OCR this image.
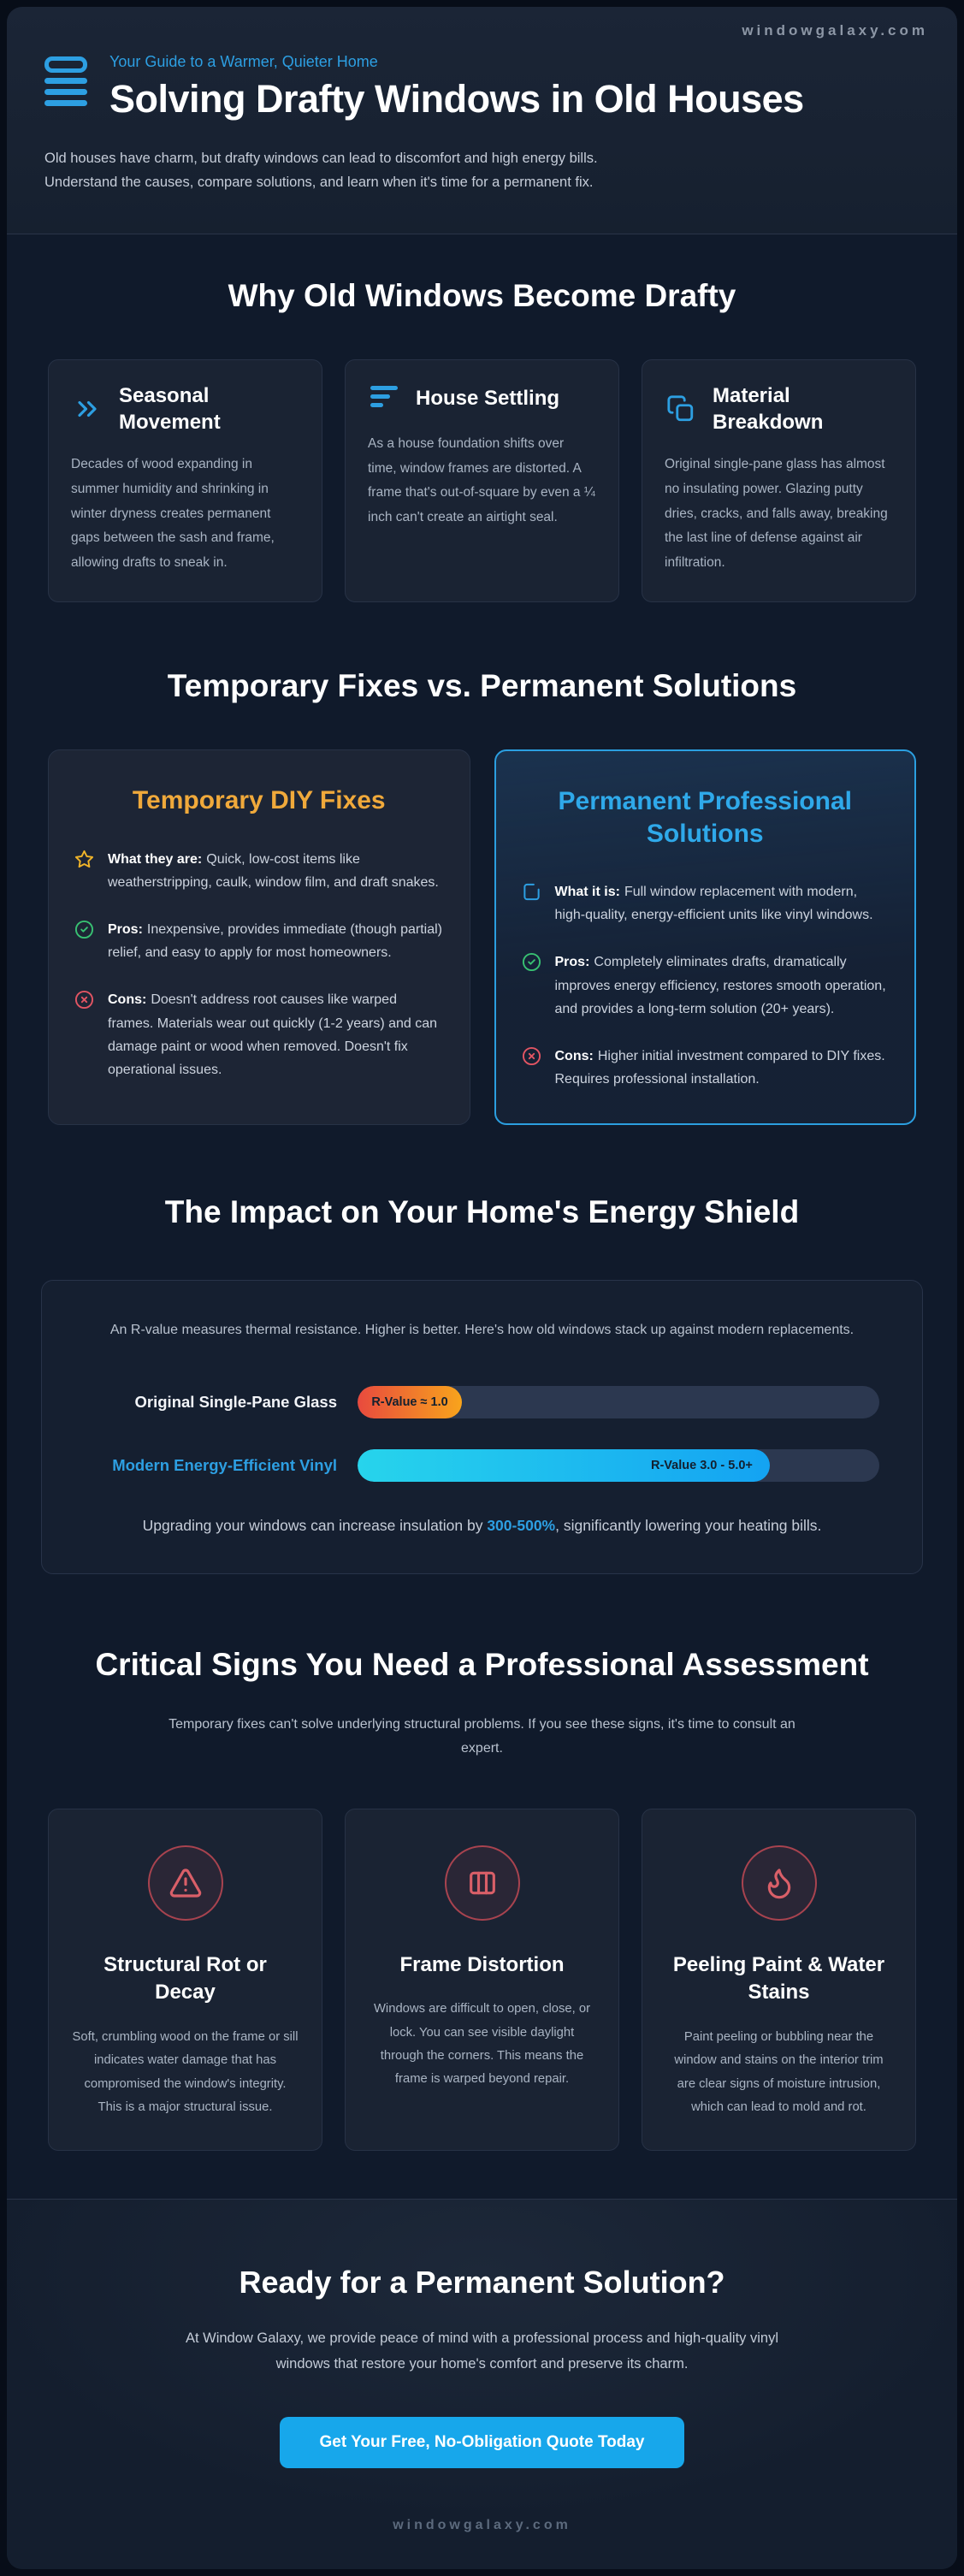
windowgalaxy.com

Your Guide to a Warmer, Quieter Home

Solving Drafty Windows in Old Houses
Old houses have charm, but drafty windows can lead to discomfort and high energy bills.
Understand the causes, compare solutions, and learn when it's time for a permanent fix.
Why Old Windows Become Drafty
Seasonal Movement
Decades of wood expanding in summer humidity and shrinking in winter dryness creates permanent gaps between the sash and frame, allowing drafts to sneak in.
House Settling
As a house foundation shifts over time, window frames are distorted. A frame that's out-of-square by even a ¼ inch can't create an airtight seal.
Material Breakdown
Original single-pane glass has almost no insulating power. Glazing putty dries, cracks, and falls away, breaking the last line of defense against air infiltration.
Temporary Fixes vs. Permanent Solutions
Temporary DIY Fixes
What they are: Quick, low-cost items like weatherstripping, caulk, window film, and draft snakes.
Pros: Inexpensive, provides immediate (though partial) relief, and easy to apply for most homeowners.
Cons: Doesn't address root causes like warped frames. Materials wear out quickly (1-2 years) and can damage paint or wood when removed. Doesn't fix operational issues.
Permanent Professional Solutions
What it is: Full window replacement with modern, high-quality, energy-efficient units like vinyl windows.
Pros: Completely eliminates drafts, dramatically improves energy efficiency, restores smooth operation, and provides a long-term solution (20+ years).
Cons: Higher initial investment compared to DIY fixes. Requires professional installation.
The Impact on Your Home's Energy Shield
An R-value measures thermal resistance. Higher is better. Here's how old windows stack up against modern replacements.
Original Single-Pane Glass	R-Value ≈ 1.0
Modern Energy-Efficient Vinyl	R-Value 3.0 - 5.0+
Upgrading your windows can increase insulation by 300-500%, significantly lowering your heating bills.
Critical Signs You Need a Professional Assessment
Temporary fixes can't solve underlying structural problems. If you see these signs, it's time to consult an expert.
Structural Rot or Decay
Soft, crumbling wood on the frame or sill indicates water damage that has compromised the window's integrity. This is a major structural issue.
Frame Distortion
Windows are difficult to open, close, or lock. You can see visible daylight through the corners. This means the frame is warped beyond repair.
Peeling Paint & Water Stains
Paint peeling or bubbling near the window and stains on the interior trim are clear signs of moisture intrusion, which can lead to mold and rot.
Ready for a Permanent Solution?
At Window Galaxy, we provide peace of mind with a professional process and high-quality vinyl windows that restore your home's comfort and preserve its charm.
Get Your Free, No-Obligation Quote Today
windowgalaxy.com
